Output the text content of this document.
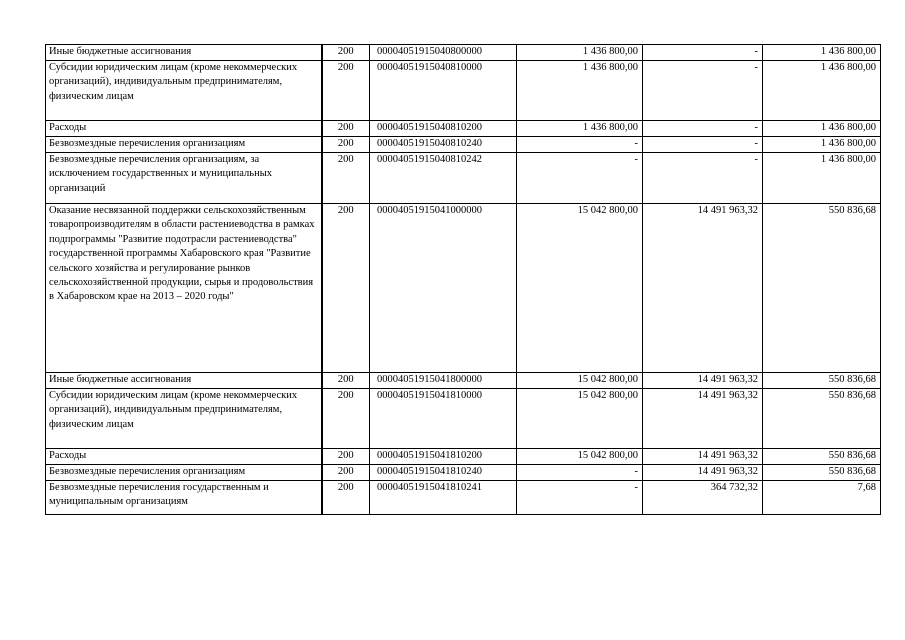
Иные бюджетные ассигнования	200	00004051915040800000	1 436 800,00	-	1 436 800,00
Субсидии юридическим лицам (кроме некоммерческих организаций), индивидуальным предпринимателям, физическим лицам	200	00004051915040810000	1 436 800,00	-	1 436 800,00
Расходы	200	00004051915040810200	1 436 800,00	-	1 436 800,00
Безвозмездные перечисления организациям	200	00004051915040810240	-	-	1 436 800,00
Безвозмездные перечисления организациям, за исключением государственных и муниципальных организаций	200	00004051915040810242	-	-	1 436 800,00
Оказание несвязанной поддержки сельскохозяйственным товаропроизводителям в области растениеводства в рамках подпрограммы "Развитие подотрасли растениеводства" государственной программы Хабаровского края "Развитие сельского хозяйства и регулирование рынков сельскохозяйственной продукции, сырья и продовольствия в Хабаровском крае на 2013 – 2020 годы"	200	00004051915041000000	15 042 800,00	14 491 963,32	550 836,68
Иные бюджетные ассигнования	200	00004051915041800000	15 042 800,00	14 491 963,32	550 836,68
Субсидии юридическим лицам (кроме некоммерческих организаций), индивидуальным предпринимателям, физическим лицам	200	00004051915041810000	15 042 800,00	14 491 963,32	550 836,68
Расходы	200	00004051915041810200	15 042 800,00	14 491 963,32	550 836,68
Безвозмездные перечисления организациям	200	00004051915041810240	-	14 491 963,32	550 836,68
Безвозмездные перечисления государственным и муниципальным организациям	200	00004051915041810241	-	364 732,32	7,68
